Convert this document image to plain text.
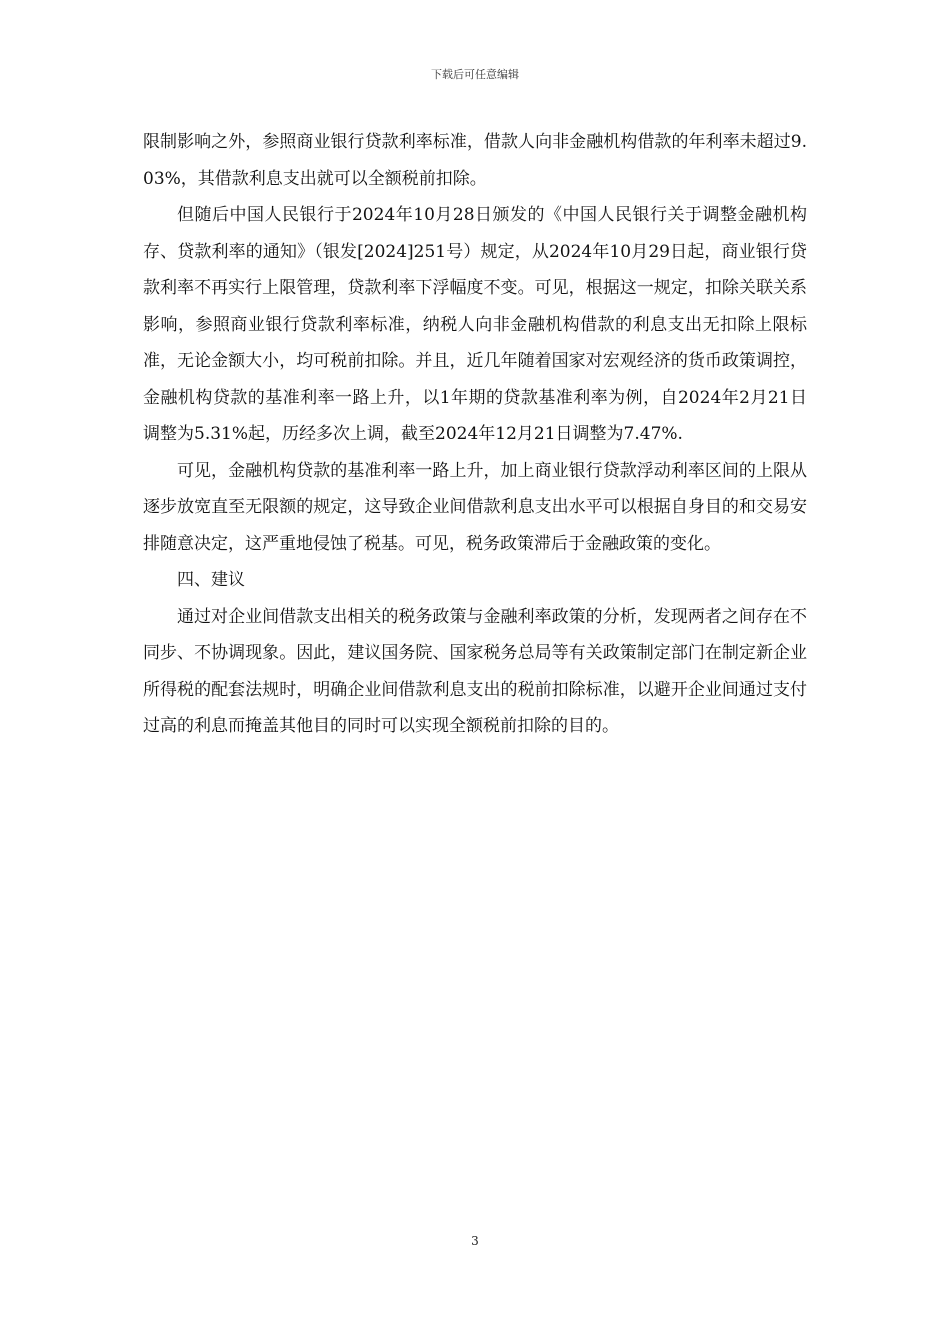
下载后可任意编辑

限制影响之外，参照商业银行贷款利率标准，借款人向非金融机构借款的年利率未超过9.03%，其借款利息支出就可以全额税前扣除。

但随后中国人民银行于2024年10月28日颁发的《中国人民银行关于调整金融机构存、贷款利率的通知》（银发[2024]251号）规定，从2024年10月29日起，商业银行贷款利率不再实行上限管理，贷款利率下浮幅度不变。可见，根据这一规定，扣除关联关系影响，参照商业银行贷款利率标准，纳税人向非金融机构借款的利息支出无扣除上限标准，无论金额大小，均可税前扣除。并且，近几年随着国家对宏观经济的货币政策调控，金融机构贷款的基准利率一路上升，以1年期的贷款基准利率为例，自2024年2月21日调整为5.31%起，历经多次上调，截至2024年12月21日调整为7.47%.

可见，金融机构贷款的基准利率一路上升，加上商业银行贷款浮动利率区间的上限从逐步放宽直至无限额的规定，这导致企业间借款利息支出水平可以根据自身目的和交易安排随意决定，这严重地侵蚀了税基。可见，税务政策滞后于金融政策的变化。

四、建议

通过对企业间借款支出相关的税务政策与金融利率政策的分析，发现两者之间存在不同步、不协调现象。因此，建议国务院、国家税务总局等有关政策制定部门在制定新企业所得税的配套法规时，明确企业间借款利息支出的税前扣除标准，以避开企业间通过支付过高的利息而掩盖其他目的同时可以实现全额税前扣除的目的。

3
